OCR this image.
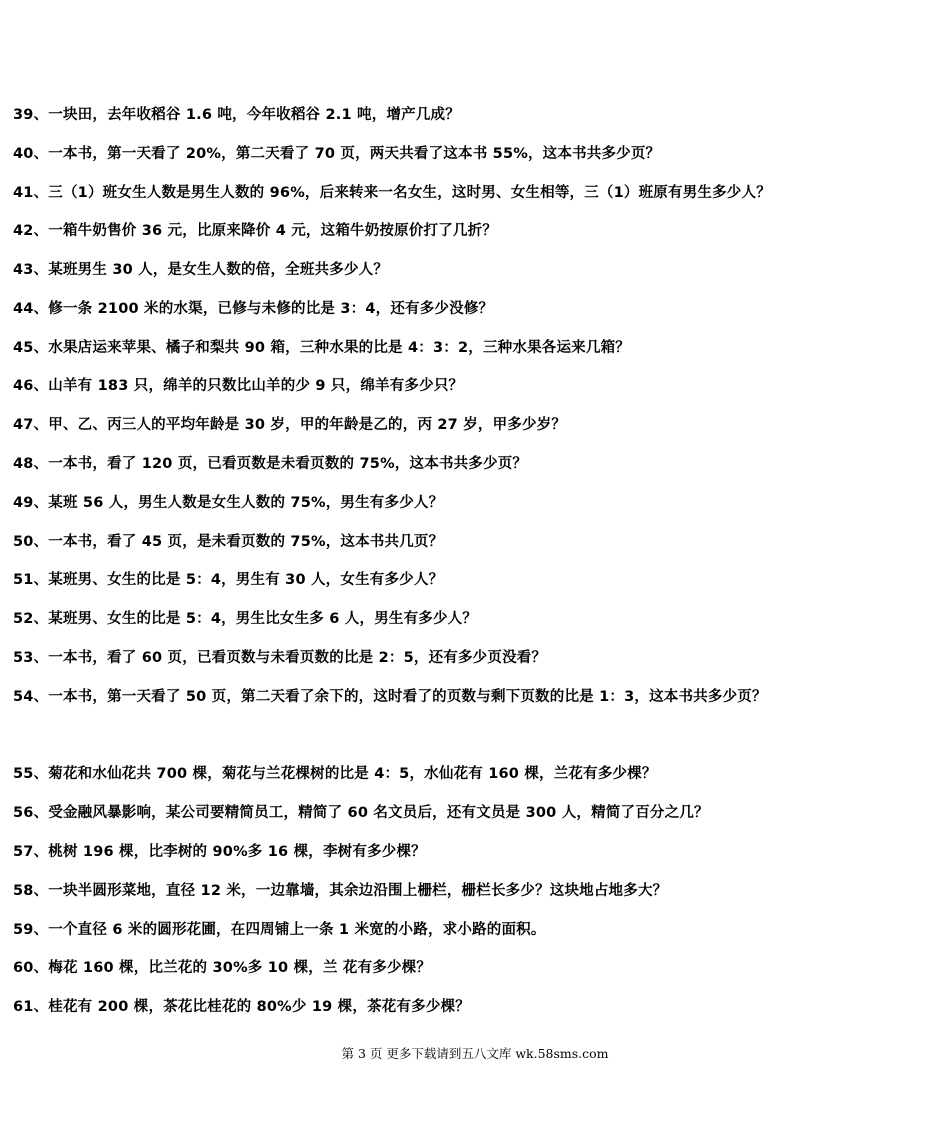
39、一块田，去年收稻谷 1.6 吨，今年收稻谷 2.1 吨，增产几成？
40、一本书，第一天看了 20%，第二天看了 70 页，两天共看了这本书 55%，这本书共多少页？
41、三（1）班女生人数是男生人数的 96%，后来转来一名女生，这时男、女生相等，三（1）班原有男生多少人？
42、一箱牛奶售价 36 元，比原来降价 4 元，这箱牛奶按原价打了几折？
43、某班男生 30 人，是女生人数的倍，全班共多少人？
44、修一条 2100 米的水渠，已修与未修的比是 3：4，还有多少没修？
45、水果店运来苹果、橘子和梨共 90 箱，三种水果的比是 4：3：2，三种水果各运来几箱？
46、山羊有 183 只，绵羊的只数比山羊的少 9 只，绵羊有多少只？
47、甲、乙、丙三人的平均年龄是 30 岁，甲的年龄是乙的，丙 27 岁，甲多少岁？
48、一本书，看了 120 页，已看页数是未看页数的 75%，这本书共多少页？
49、某班 56 人，男生人数是女生人数的 75%，男生有多少人？
50、一本书，看了 45 页，是未看页数的 75%，这本书共几页？
51、某班男、女生的比是 5：4，男生有 30 人，女生有多少人？
52、某班男、女生的比是 5：4，男生比女生多 6 人，男生有多少人？
53、一本书，看了 60 页，已看页数与未看页数的比是 2：5，还有多少页没看？
54、一本书，第一天看了 50 页，第二天看了余下的，这时看了的页数与剩下页数的比是 1：3，这本书共多少页？
55、菊花和水仙花共 700 棵，菊花与兰花棵树的比是 4：5，水仙花有 160 棵，兰花有多少棵？
56、受金融风暴影响，某公司要精简员工，精简了 60 名文员后，还有文员是 300 人，精简了百分之几？
57、桃树 196 棵，比李树的 90%多 16 棵，李树有多少棵？
58、一块半圆形菜地，直径 12 米，一边靠墙，其余边沿围上栅栏，栅栏长多少？这块地占地多大？
59、一个直径 6 米的圆形花圃，在四周铺上一条 1 米宽的小路，求小路的面积。
60、梅花 160 棵，比兰花的 30%多 10 棵，兰 花有多少棵？
61、桂花有 200 棵，茶花比桂花的 80%少 19 棵，茶花有多少棵？
第 3 页 更多下载请到五八文库 wk.58sms.com
